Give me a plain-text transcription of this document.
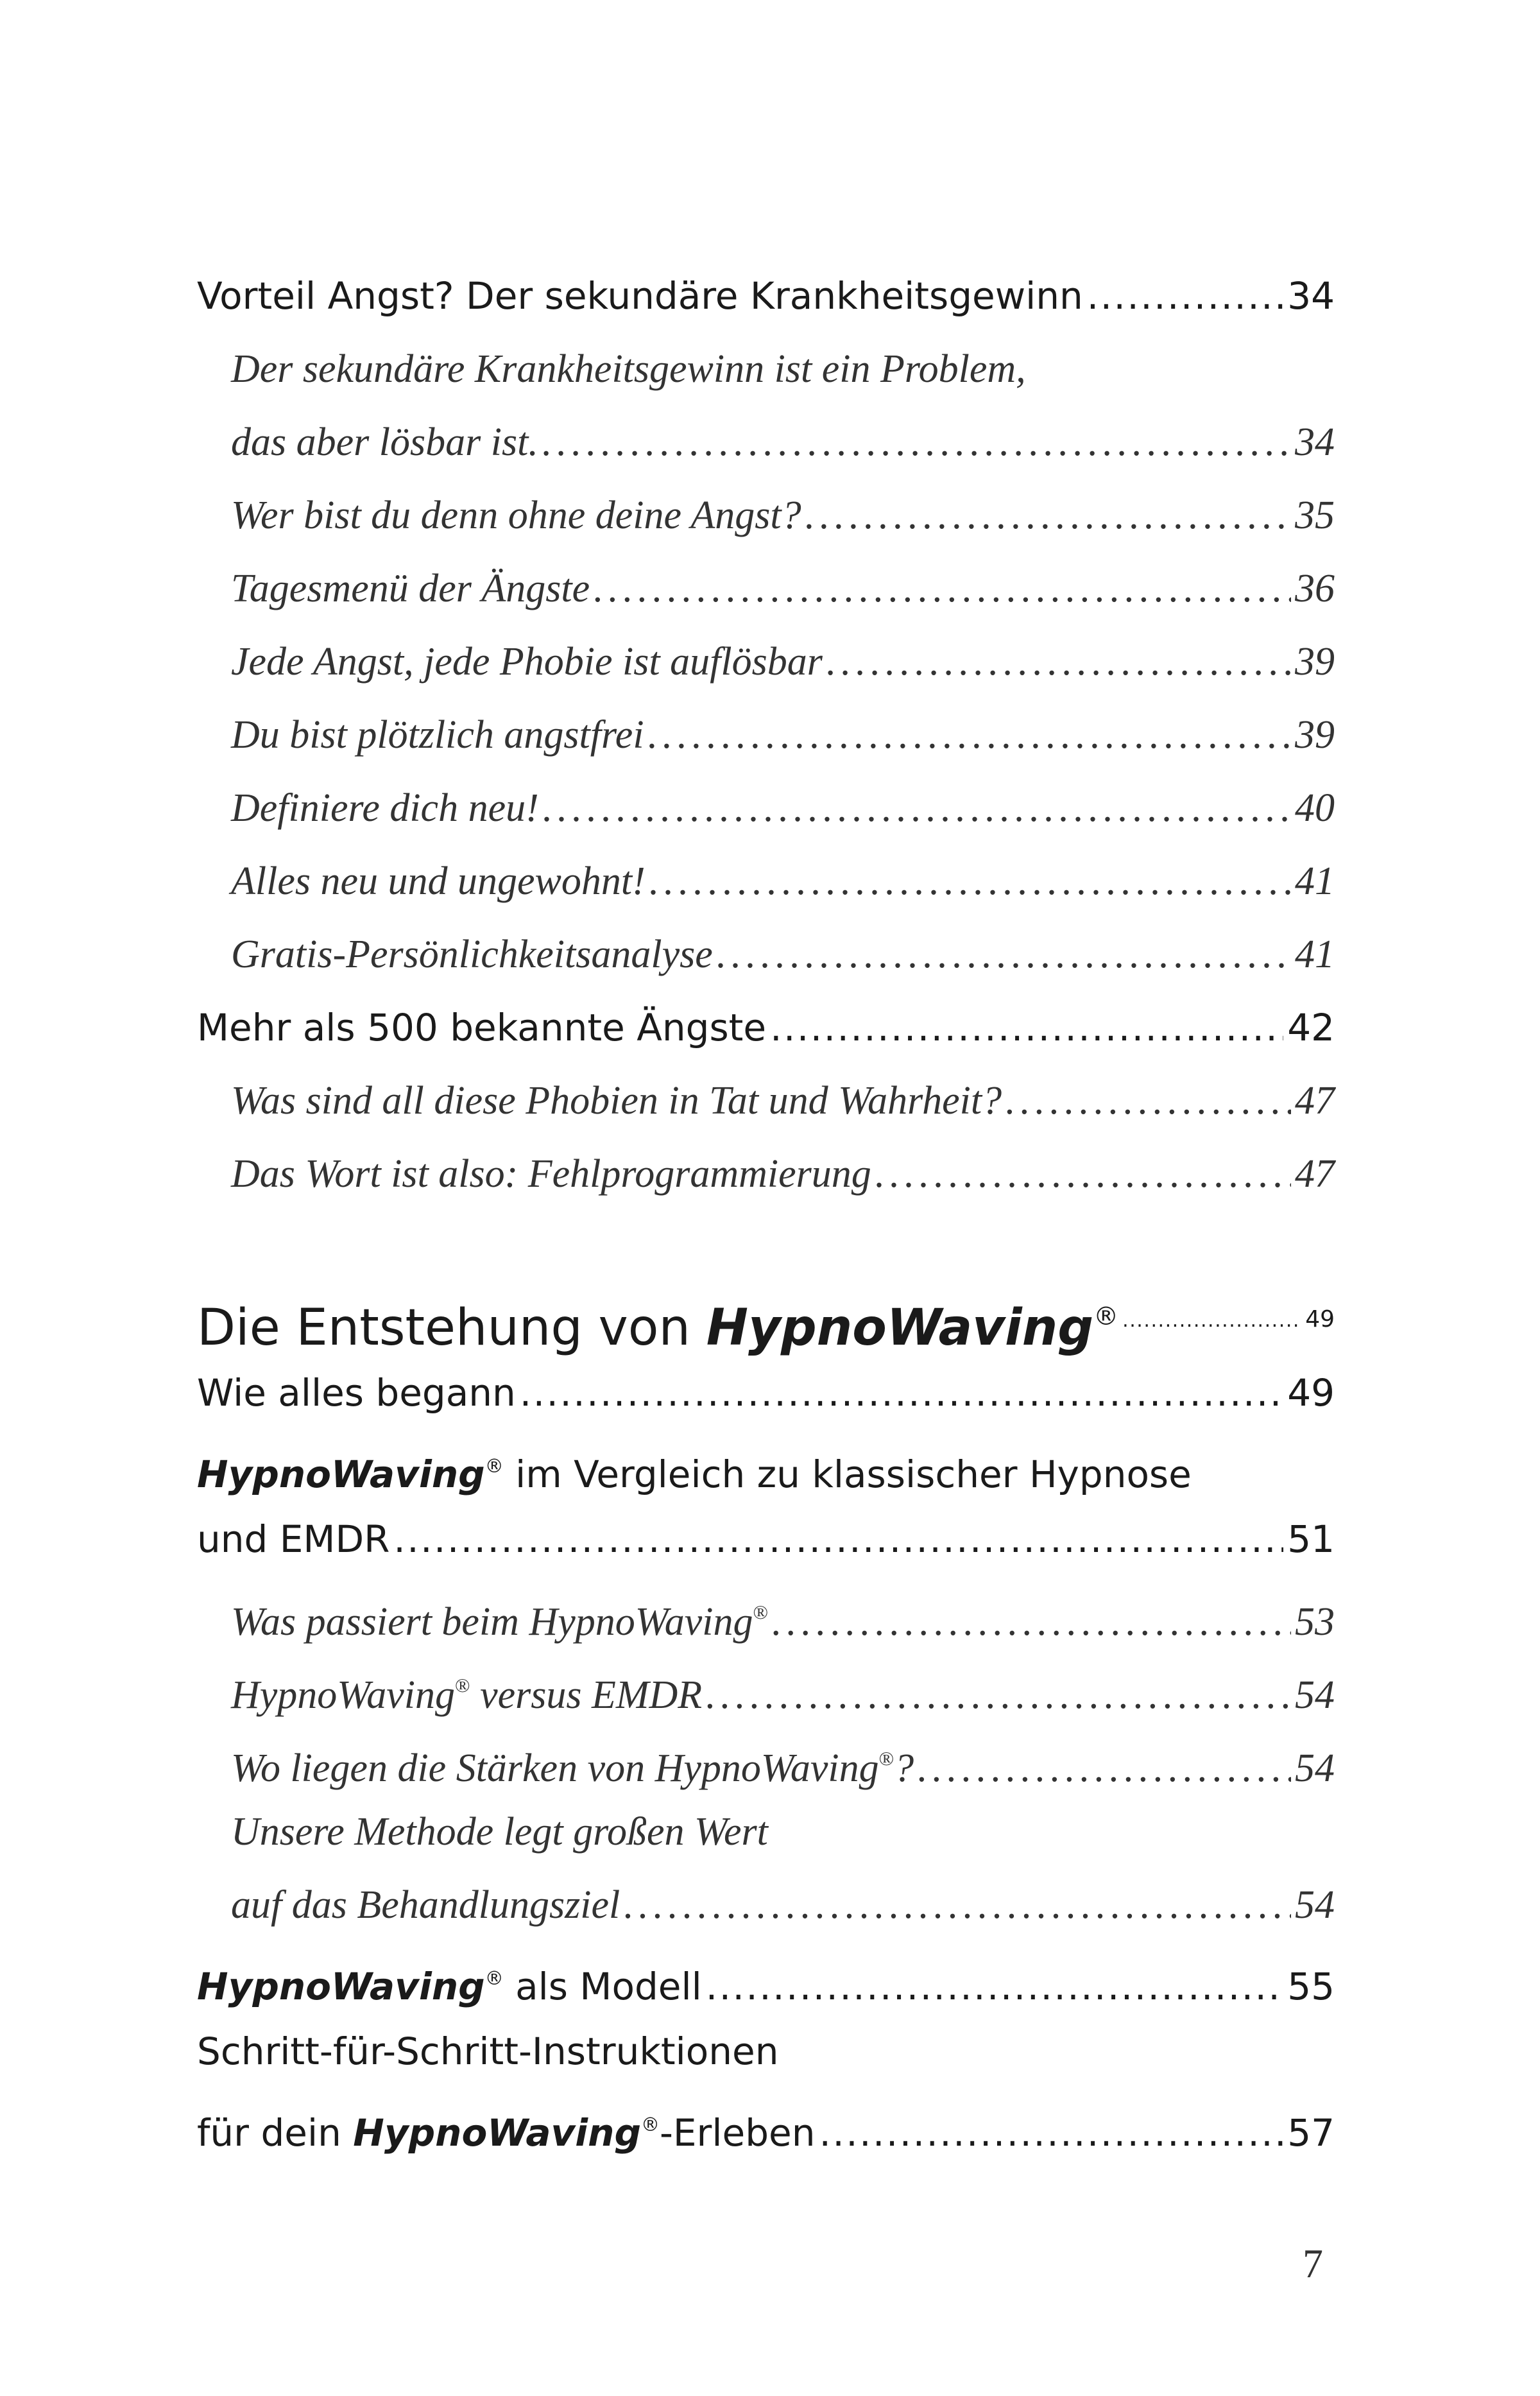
Vorteil Angst? Der sekundäre Krankheitsgewinn . . .	34
Der sekundäre Krankheitsgewinn ist ein Problem,
das aber lösbar ist. . . .	34
Wer bist du denn ohne deine Angst? . . .	35
Tagesmenü der Ängste . . .	36
Jede Angst, jede Phobie ist auflösbar . . .	39
Du bist plötzlich angstfrei . . .	39
Definiere dich neu! . . .	40
Alles neu und ungewohnt! . . .	41
Gratis-Persönlichkeitsanalyse . . .	41
Mehr als 500 bekannte Ängste . . .	42
Was sind all diese Phobien in Tat und Wahrheit? . . .	47
Das Wort ist also: Fehlprogrammierung . . .	47
Die Entstehung von HypnoWaving® . . .	49
Wie alles begann . . .	49
HypnoWaving® im Vergleich zu klassischer Hypnose
und EMDR . . .	51
Was passiert beim HypnoWaving® . . .	53
HypnoWaving® versus EMDR . . .	54
Wo liegen die Stärken von HypnoWaving®? . . .	54
Unsere Methode legt großen Wert
auf das Behandlungsziel . . .	54
HypnoWaving® als Modell . . .	55
Schritt-für-Schritt-Instruktionen
für dein HypnoWaving®-Erleben . . .	57
7
